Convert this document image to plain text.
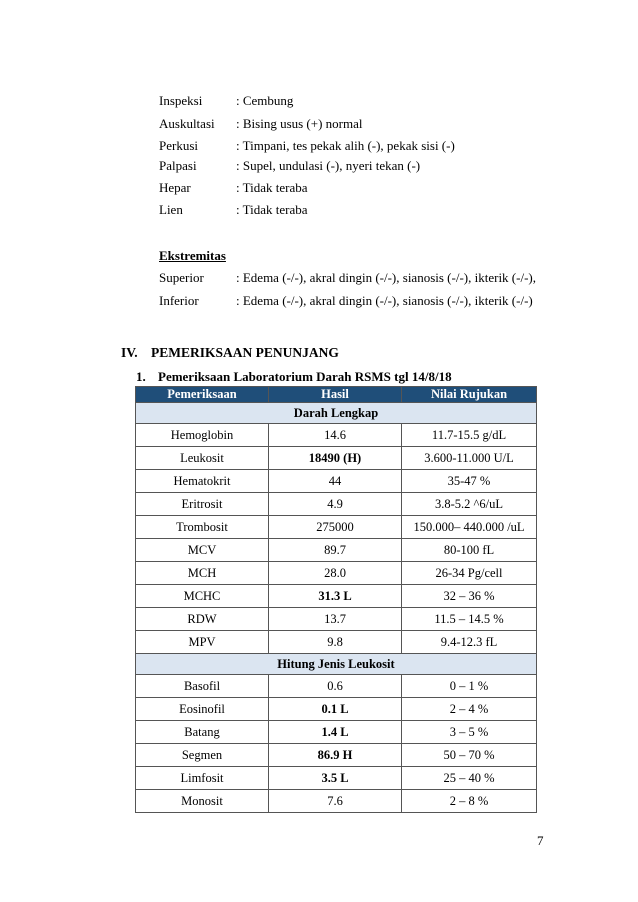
Inspeksi	: Cembung
Auskultasi : Bising usus (+) normal
Perkusi	: Timpani, tes pekak alih (-), pekak sisi (-)
Palpasi	: Supel, undulasi (-), nyeri tekan (-)
Hepar	: Tidak teraba
Lien	: Tidak teraba
Ekstremitas
Superior : Edema (-/-), akral dingin (-/-), sianosis (-/-), ikterik (-/-),
Inferior	: Edema (-/-), akral dingin (-/-), sianosis (-/-), ikterik (-/-)
IV. PEMERIKSAAN PENUNJANG
1. Pemeriksaan Laboratorium Darah RSMS tgl 14/8/18
Pemeriksaan	Hasil	Nilai Rujukan
Darah Lengkap		
Hemoglobin	14.6	11.7-15.5 g/dL
Leukosit	18490 (H)	3.600-11.000 U/L
Hematokrit	44	35-47 %
Eritrosit	4.9	3.8-5.2 ^6/uL
Trombosit	275000	150.000– 440.000 /uL
MCV	89.7	80-100 fL
MCH	28.0	26-34 Pg/cell
MCHC	31.3 L	32 – 36 %
RDW	13.7	11.5 – 14.5 %
MPV	9.8	9.4-12.3 fL
Hitung Jenis Leukosit		
Basofil	0.6	0 – 1 %
Eosinofil	0.1 L	2 – 4 %
Batang	1.4 L	3 – 5 %
Segmen	86.9 H	50 – 70 %
Limfosit	3.5 L	25 – 40 %
Monosit	7.6	2 – 8 %
7
